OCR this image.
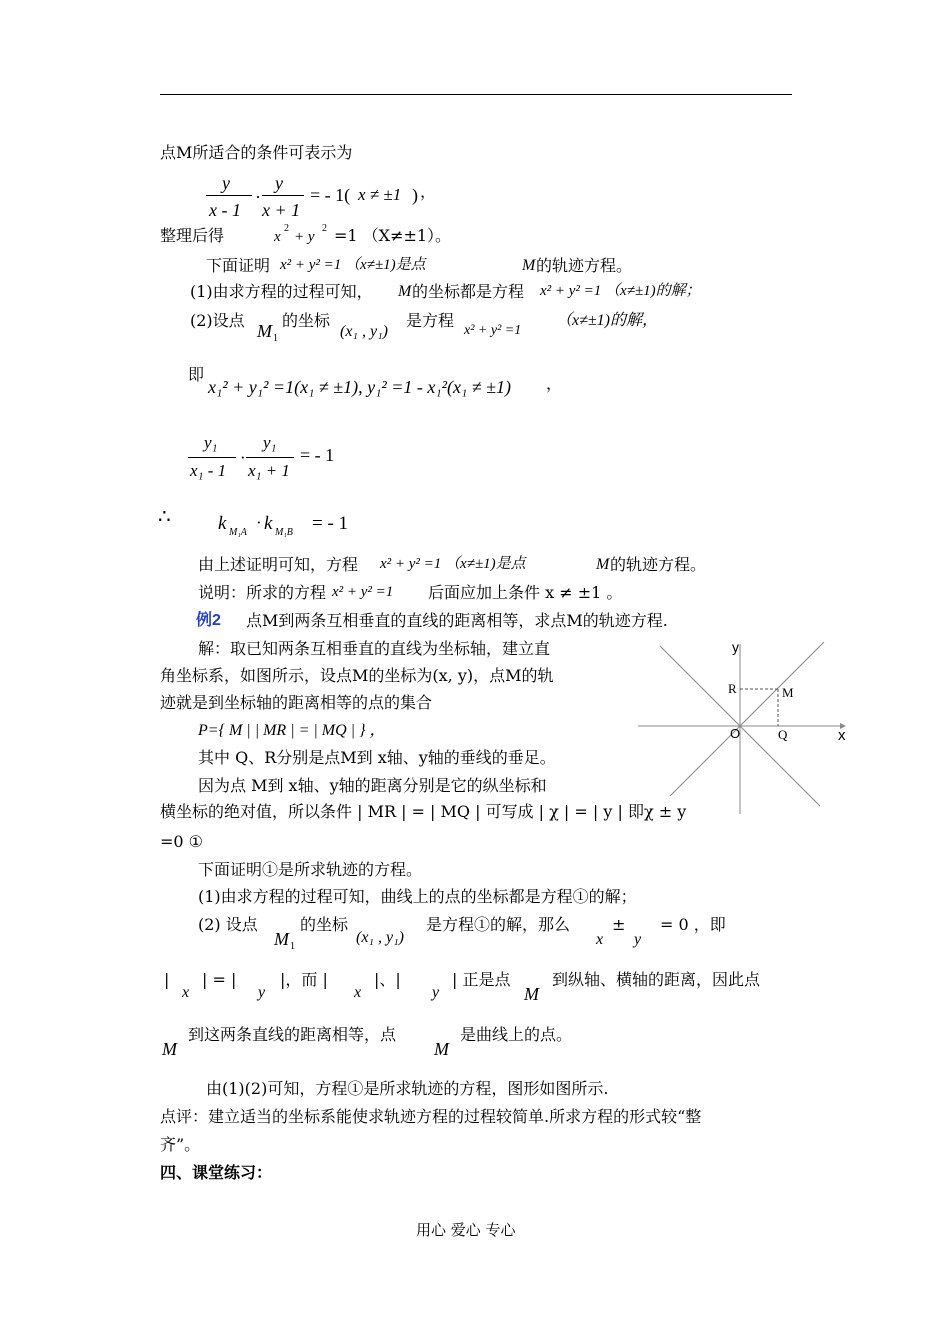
点M所适合的条件可表示为
y
x - 1
·
y
x + 1
= - 1( x ≠ ±1 ) ，
整理后得	x
2
+ y
2 =1 （X≠±1）。
下面证明 x² + y² =1 （x≠±1)是点	M 的轨迹方程。
(1)由求方程的过程可知， M 的坐标都是方程 x² + y² =1 （x≠±1)的解；
(2)设点
M 1
的坐标
(x₁ , y₁)
是方程
x² + y² =1
（x≠±1)的解，
即
x₁² + y₁² =1(x₁ ≠ ±1), y₁² =1 - x₁²(x₁ ≠ ±1) ，
y₁
x₁ - 1
·
y₁
x₁ + 1
= - 1
∴ k M₁A
· k M₁B = - 1
由上述证明可知，方程 x² + y² =1 （x≠±1)是点	M 的轨迹方程。
说明：所求的方程 x² + y² =1 后面应加上条件 x ≠ ±1 。
例2 点M到两条互相垂直的直线的距离相等，求点M的轨迹方程.
解：取已知两条互相垂直的直线为坐标轴，建立直
角坐标系，如图所示，设点M的坐标为(x, y)，点M的轨
迹就是到坐标轴的距离相等的点的集合
P={ M | | MR | = | MQ | } ，
其中 Q、R分别是点M到 x轴、y轴的垂线的垂足。
因为点 M到 x轴、y轴的距离分别是它的纵坐标和
横坐标的绝对值，所以条件 | MR | = | MQ | 可写成 | χ | = | y | 即χ ± y
=0 ①
下面证明①是所求轨迹的方程。
(1)由求方程的过程可知，曲线上的点的坐标都是方程①的解；
(2) 设点
M 1
的坐标
(x₁ , y₁)
是方程①的解，那么
x
±
y
= 0 ，即
|
x
| = |
y
|，而 |
x
|、|
y
| 正是点
M
到纵轴、横轴的距离，因此点
M
到这两条直线的距离相等，点
M
是曲线上的点。
由(1)(2)可知，方程①是所求轨迹的方程，图形如图所示.
点评：建立适当的坐标系能使求轨迹方程的过程较简单.所求方程的形式较“整
齐”。
四、课堂练习：
y
x
O
R	M
Q
用心 爱心 专心
